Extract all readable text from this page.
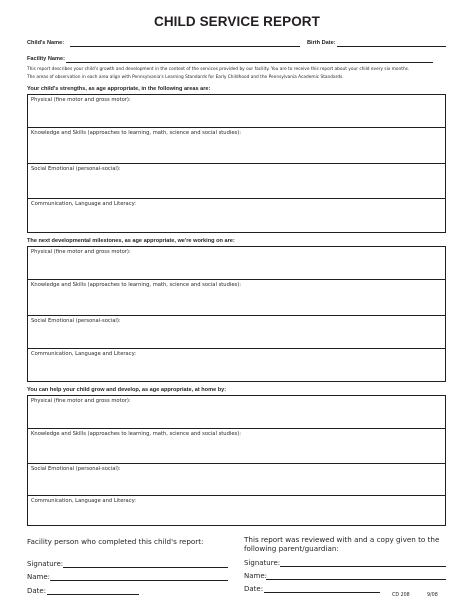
CHILD SERVICE REPORT
Child's Name:	Birth Date:
Facility Name:
This report describes your child's growth and development in the context of the services provided by our facility. You are to receive this report about your child every six months.
The areas of observation in each area align with Pennsylvania's Learning Standards for Early Childhood and the Pennsylvania Academic Standards.
Your child's strengths, as age appropriate, in the following areas are:
Physical (fine motor and gross motor):
Knowledge and Skills (approaches to learning, math, science and social studies):
Social Emotional (personal-social):
Communication, Language and Literacy:
The next developmental milestones, as age appropriate, we're working on are:
Physical (fine motor and gross motor):
Knowledge and Skills (approaches to learning, math, science and social studies):
Social Emotional (personal-social):
Communication, Language and Literacy:
You can help your child grow and develop, as age appropriate, at home by:
Physical (fine motor and gross motor):
Knowledge and Skills (approaches to learning, math, science and social studies):
Social Emotional (personal-social):
Communication, Language and Literacy:
Facility person who completed this child's report:
Signature:
Name:
Date:
This report was reviewed with and a copy given to the
following parent/guardian:
Signature:
Name:
Date:
CD 208	9/08
